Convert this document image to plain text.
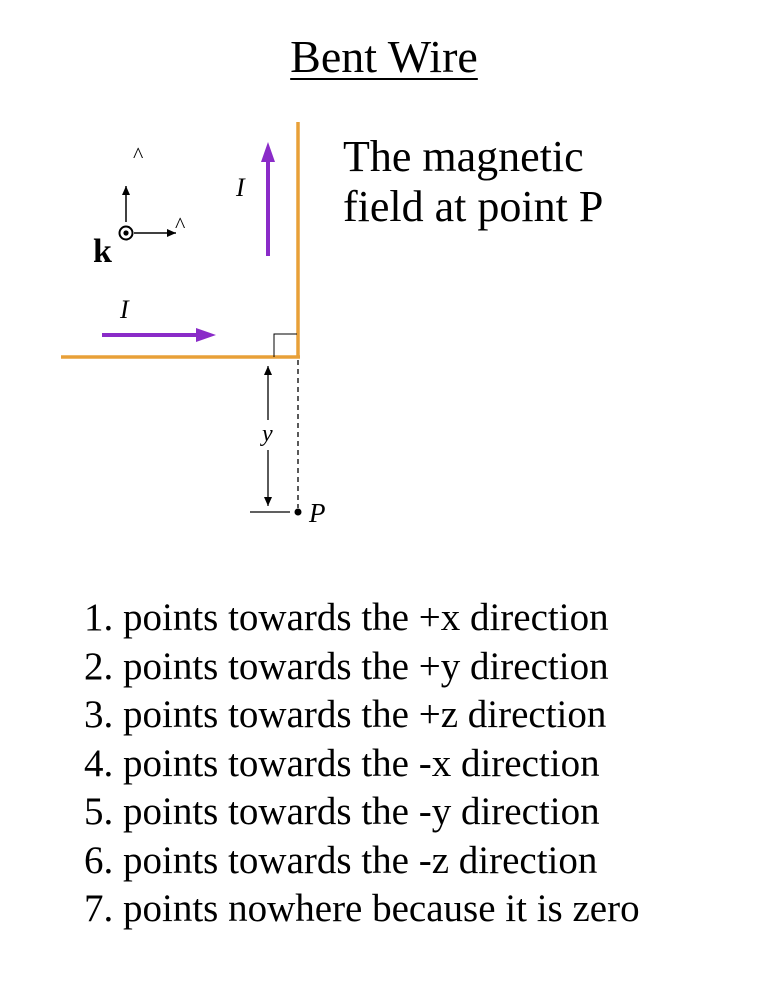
Bent Wire
The magnetic
field at point P
k
^
^
I
I
y
P
1. points towards the +x direction
2. points towards the +y direction
3. points towards the +z direction
4. points towards the -x direction
5. points towards the -y direction
6. points towards the -z direction
7. points nowhere because it is zero
